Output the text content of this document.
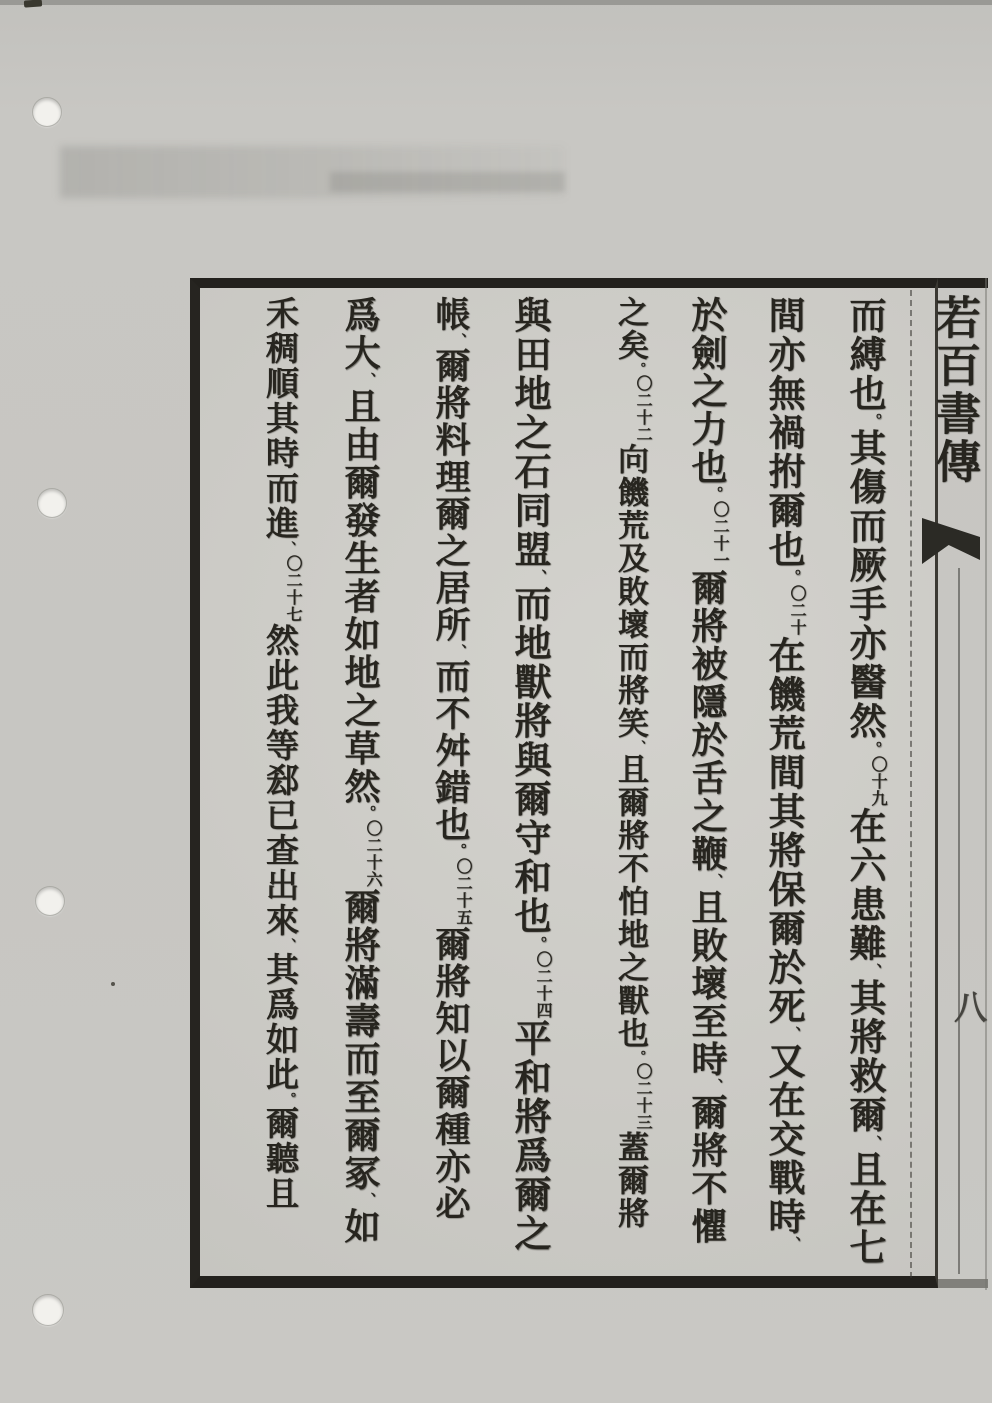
而縛也。其傷而厥手亦醫然。〇十九在六患難、其將救爾、且在七
間亦無禍拊爾也。〇二十在饑荒間其將保爾於死、又在交戰時、
於劍之力也。〇二十一爾將被隱於舌之鞭、且敗壞至時、爾將不懼
之矣。〇二十二向饑荒及敗壞而將笑、且爾將不怕地之獸也。〇二十三蓋爾將
與田地之石同盟、而地獸將與爾守和也。〇二十四平和將爲爾之
帳、爾將料理爾之居所、而不舛錯也。〇二十五爾將知以爾種亦必
爲大、且由爾發生者如地之草然。〇二十六爾將滿壽而至爾冢、如
禾稠順其時而進、〇二十七然此我等郄已查出來、其爲如此。爾聽且
若百書傳
八
